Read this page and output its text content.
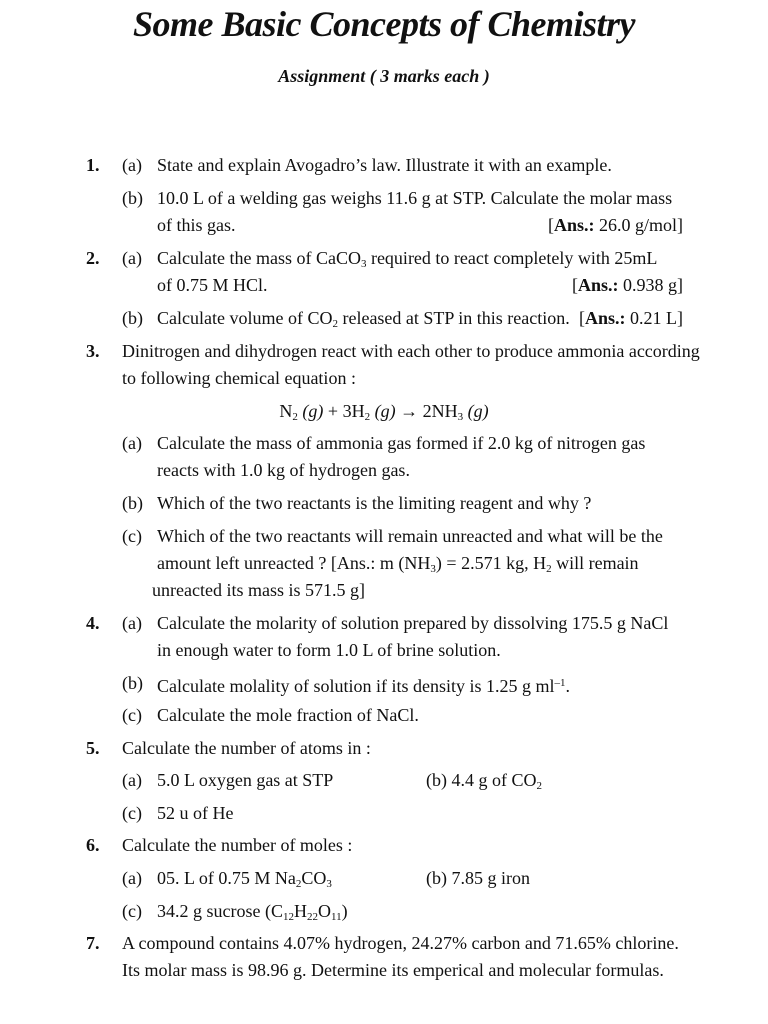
Some Basic Concepts of Chemistry
Assignment ( 3 marks each )
1. (a) State and explain Avogadro’s law. Illustrate it with an example.
(b) 10.0 L of a welding gas weighs 11.6 g at STP. Calculate the molar mass
of this gas.	[Ans.: 26.0 g/mol]
2. (a) Calculate the mass of CaCO$_3$ required to react completely with 25mL
of 0.75 M HCl.	[Ans.: 0.938 g]
(b) Calculate volume of $CO_2$ released at STP in this reaction. [Ans.: 0.21 L]
3. Dinitrogen and dihydrogen react with each other to produce ammonia according
to following chemical equation :
$N_2$ $(g) + 3H_2$ $(g) \to 2NH_3$ (g)
(a) Calculate the mass of ammonia gas formed if 2.0 kg of nitrogen gas
reacts with 1.0 kg of hydrogen gas.
(b) Which of the two reactants is the limiting reagent and why ?
(c) Which of the two reactants will remain unreacted and what will be the
amount left unreacted ? [Ans.: m $(NH_3) = 2.571$ kg, $H_2$ will remain
unreacted its mass is 571.5 g]
4. (a) Calculate the molarity of solution prepared by dissolving 175.5 g NaCl
in enough water to form 1.0 L of brine solution.
(b) Calculate molality of solution if its density is 1.25 g $ml^{-1}$.
(c) Calculate the mole fraction of NaCl.
5. Calculate the number of atoms in :
(a) 5.0 L oxygen gas at STP	(b) 4.4 g of $CO_2$
(c) 52 u of He
6. Calculate the number of moles :
(a) 05. L of 0.75 M $Na_2CO_3$	(b) 7.85 g iron
(c) 34.2 g sucrose $(C_{12}H_{22}O_{11})$
7. A compound contains 4.07% hydrogen, 24.27% carbon and 71.65% chlorine.
Its molar mass is 98.96 g. Determine its emperical and molecular formulas.
